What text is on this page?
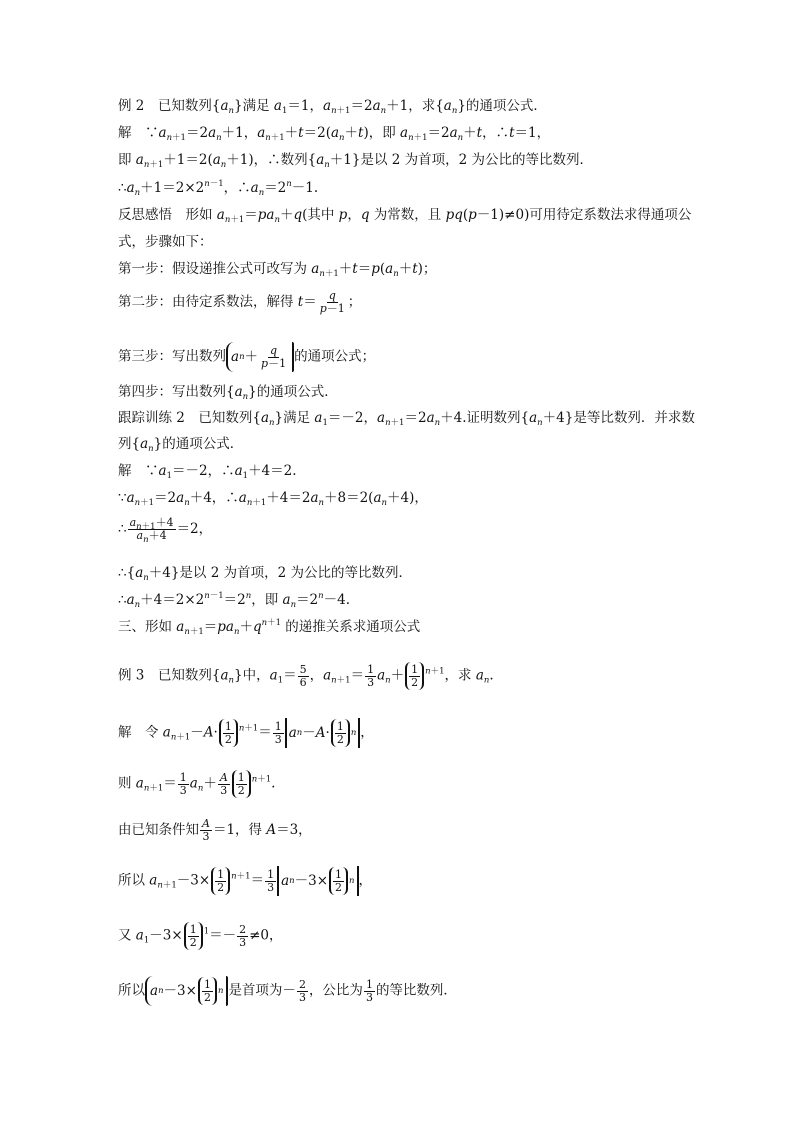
例 2　已知数列$\{a_n\}$满足 $a_1=1$，$a_{n+1}=2a_n+1$，求$\{a_n\}$的通项公式．
解　$\because a_{n+1}=2a_n+1$，$a_{n+1}+t=2(a_n+t)$，即 $a_{n+1}=2a_n+t$，∴t＝1，
即 $a_{n+1}+1=2(a_n+1)$，∴数列$\{a_n+1\}$是以 2 为首项，2 为公比的等比数列．
$\therefore a_n+1=2\times 2^{n-1}$，$\therefore a_n=2^n-1$.
反思感悟　形如 $a_{n+1}=pa_n+q$(其中 p，q 为常数，且 pq(p－1)≠0)可用待定系数法求得通项公
式，步骤如下：
第一步：假设递推公式可改写为 $a_{n+1}+t=p(a_n+t)$；
第二步：由待定系数法，解得 $t= \frac{q}{p-1}$ ；
第三步：写出数列 a $n + \frac{q}{p-1}$ 的通项公式；
第四步：写出数列$\{a_n\}$的通项公式．
跟踪训练 2　已知数列$\{a_n\}$满足 $a_1=-2$，$a_{n+1}=2a_n+4$.证明数列$\{a_n+4\}$是等比数列．并求数
列$\{a_n\}$的通项公式．
解　$\because a_1=-2$，$\therefore a_1+4=2$.
$\because a_{n+1}=2a_n+4$，$\therefore a_{n+1}+4=2a_n+8=2(a_n+4)$，
∴ $\frac{a_{n+1}+4}{a_n+4} =2$，
$\therefore\{a_n+4\}$是以 2 为首项，2 为公比的等比数列．
$\therefore a_n+4=2\times 2^{n-1}=2^n$，即 $a_n=2^n-4$.
三、形如 $a_{n+1}=pa_n+q^{n+1}$ 的递推关系求通项公式
例 3　已知数列$\{a_n\}$中，$a_1= \frac{5}{6}$ ，$a_{n+1}= \frac{1}{3} a_n+ \frac{1}{2} ^{n+1}$，求 $a_n$.
解　令 $a_{n+1}-A\cdot \frac{1}{2} ^{n+1}= \frac{1}{3}$ a $n - A \cdot \frac{1}{2}$ n ，
则 $a_{n+1}= \frac{1}{3} a_n+ \frac{A}{3} \frac{1}{2} ^{n+1}$.
由已知条件知 $\frac{A}{3} =1$，得 A＝3，
所以 $a_{n+1}-3\times \frac{1}{2} ^{n+1}= \frac{1}{3}$ a $n -3\times \frac{1}{2}$ n ，
又 $a_1-3\times \frac{1}{2} ^1=- \frac{2}{3} \ne 0$，
所以 a $n -3\times \frac{1}{2}$ n 是首项为－ $\frac{2}{3}$ ，公比为 $\frac{1}{3}$ 的等比数列．
